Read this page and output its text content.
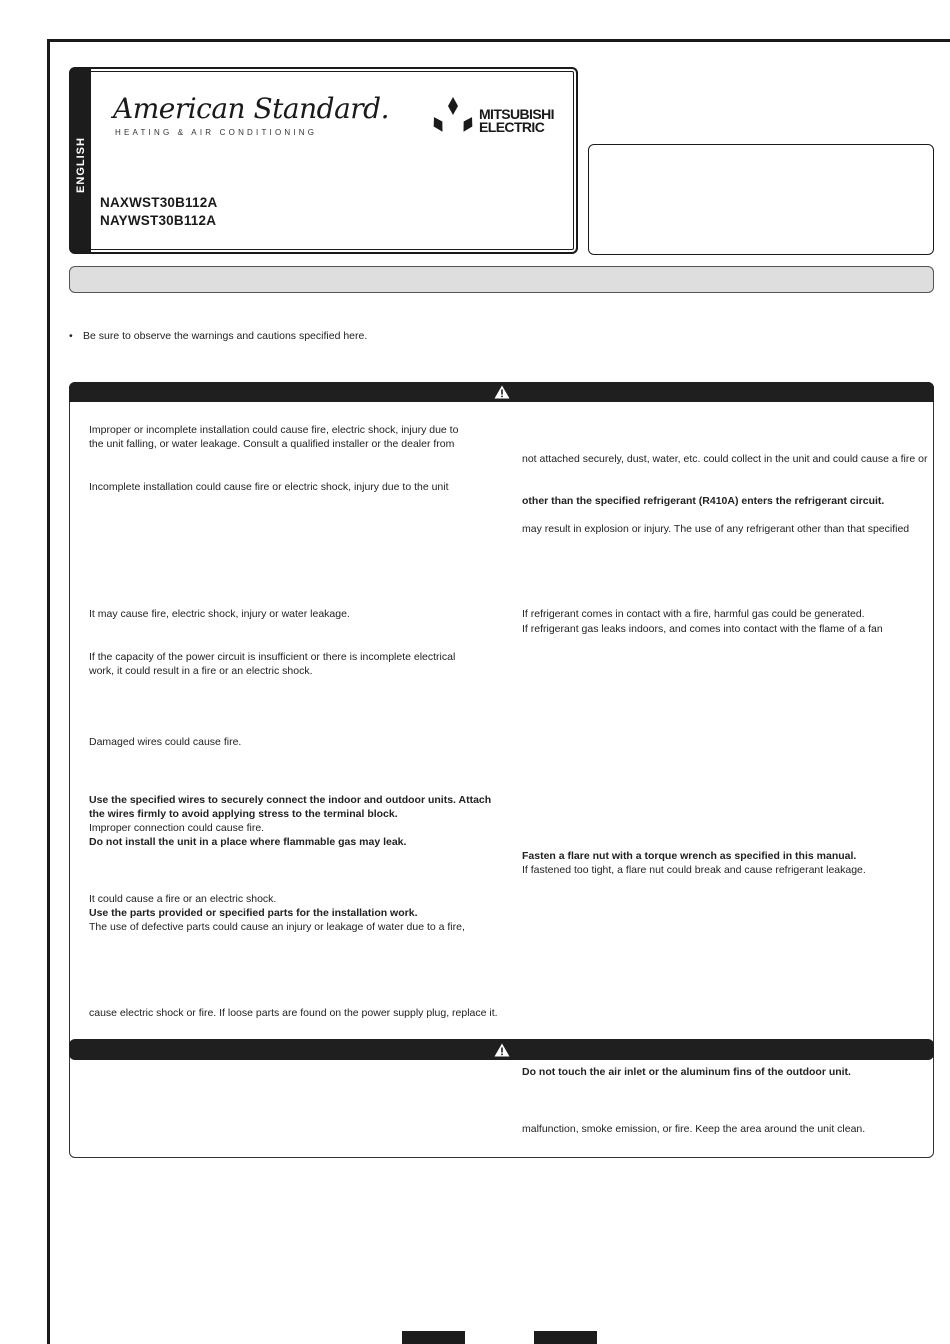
ENGLISH
American Standard.
HEATING & AIR CONDITIONING
MITSUBISHI
ELECTRIC
NAXWST30B112A
NAYWST30B112A
• Be sure to observe the warnings and cautions specified here.
Improper or incomplete installation could cause fire, electric shock, injury due to
the unit falling, or water leakage. Consult a qualified installer or the dealer from
Incomplete installation could cause fire or electric shock, injury due to the unit
It may cause fire, electric shock, injury or water leakage.
If the capacity of the power circuit is insufficient or there is incomplete electrical
work, it could result in a fire or an electric shock.
Damaged wires could cause fire.
Use the specified wires to securely connect the indoor and outdoor units. Attach
the wires firmly to avoid applying stress to the terminal block.
Improper connection could cause fire.
Do not install the unit in a place where flammable gas may leak.
It could cause a fire or an electric shock.
Use the parts provided or specified parts for the installation work.
The use of defective parts could cause an injury or leakage of water due to a fire,
cause electric shock or fire. If loose parts are found on the power supply plug, replace it.
not attached securely, dust, water, etc. could collect in the unit and could cause a fire or
other than the specified refrigerant (R410A) enters the refrigerant circuit.
may result in explosion or injury. The use of any refrigerant other than that specified
If refrigerant comes in contact with a fire, harmful gas could be generated.
If refrigerant gas leaks indoors, and comes into contact with the flame of a fan
Fasten a flare nut with a torque wrench as specified in this manual.
If fastened too tight, a flare nut could break and cause refrigerant leakage.
Do not touch the air inlet or the aluminum fins of the outdoor unit.
malfunction, smoke emission, or fire. Keep the area around the unit clean.
